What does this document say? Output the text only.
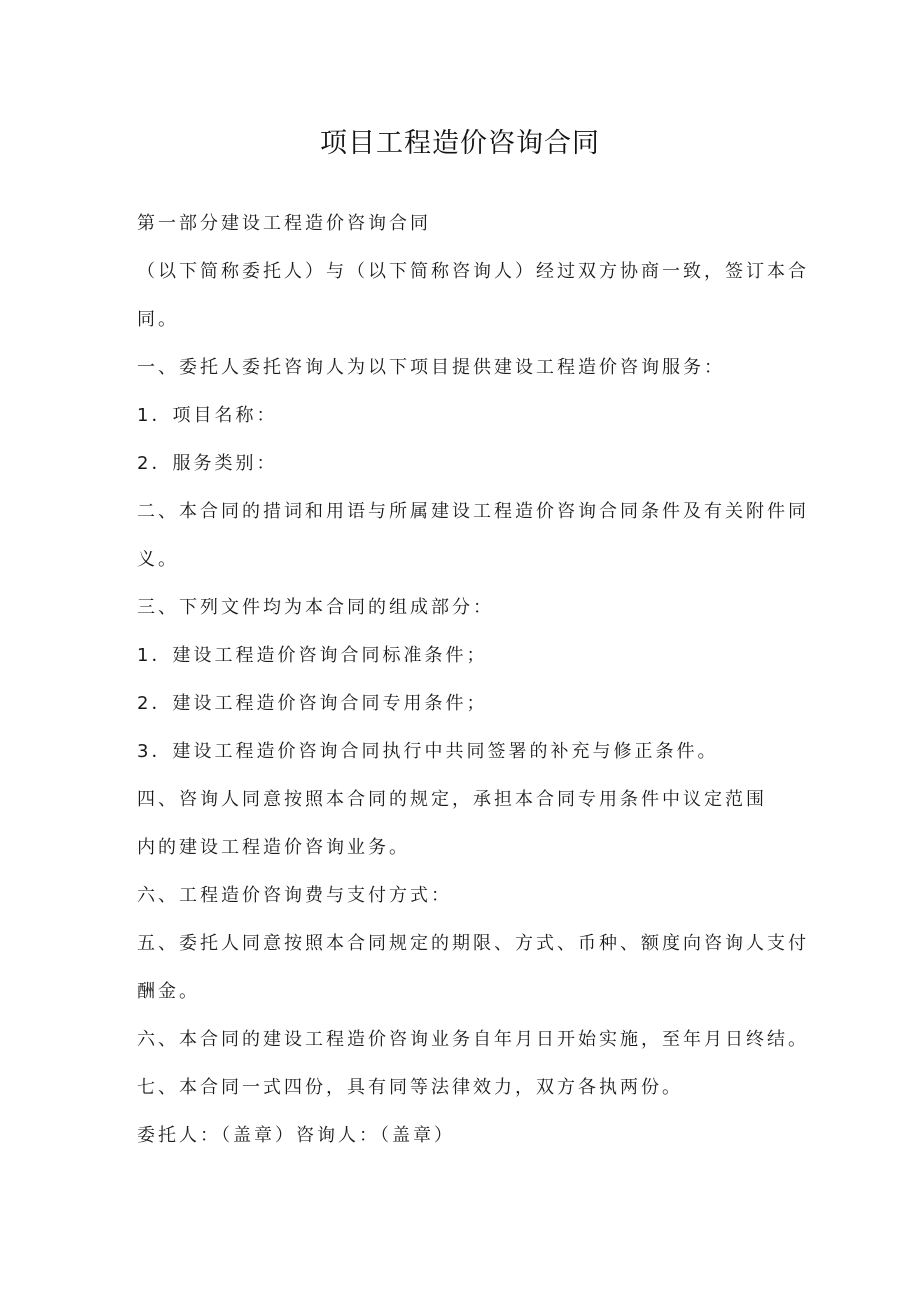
项目工程造价咨询合同
第一部分建设工程造价咨询合同
（以下简称委托人）与（以下简称咨询人）经过双方协商一致，签订本合
同。
一、委托人委托咨询人为以下项目提供建设工程造价咨询服务：
1．项目名称：
2．服务类别：
二、本合同的措词和用语与所属建设工程造价咨询合同条件及有关附件同
义。
三、下列文件均为本合同的组成部分：
1．建设工程造价咨询合同标准条件；
2．建设工程造价咨询合同专用条件；
3．建设工程造价咨询合同执行中共同签署的补充与修正条件。
四、咨询人同意按照本合同的规定，承担本合同专用条件中议定范围
内的建设工程造价咨询业务。
六、工程造价咨询费与支付方式：
五、委托人同意按照本合同规定的期限、方式、币种、额度向咨询人支付
酬金。
六、本合同的建设工程造价咨询业务自年月日开始实施，至年月日终结。
七、本合同一式四份，具有同等法律效力，双方各执两份。
委托人：（盖章）咨询人：（盖章）
